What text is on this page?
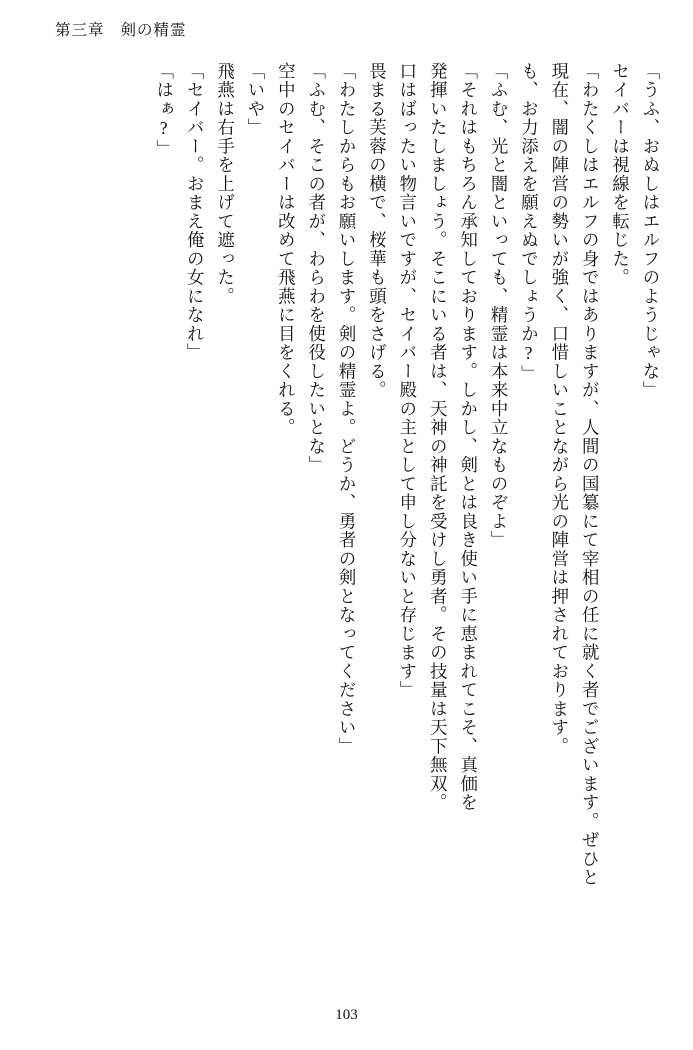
第三章 剣の精霊
「うふ、おぬしはエルフのようじゃな」
セイバーは視線を転じた。
「わたくしはエルフの身ではありますが、人間の国簒にて宰相の任に就く者でございます。ぜひと
現在、闇の陣営の勢いが強く、口惜しいことながら光の陣営は押されております。
も、お力添えを願えぬでしょうか?」
「ふむ、光と闇といっても、精霊は本来中立なものぞよ」
「それはもちろん承知しております。しかし、剣とは良き使い手に恵まれてこそ、真価を
発揮いたしましょう。そこにいる者は、天神の神託を受けし勇者。その技量は天下無双。
口はばったい物言いですが、セイバー殿の主として申し分ないと存じます」
畏まる芙蓉の横で、桜華も頭をさげる。
「わたしからもお願いします。剣の精霊よ。どうか、勇者の剣となってください」
「ふむ、そこの者が、わらわを使役したいとな」
空中のセイバーは改めて飛燕に目をくれる。
「いや」
飛燕は右手を上げて遮った。
「セイバー。おまえ俺の女になれ」
「はぁ?」
103
